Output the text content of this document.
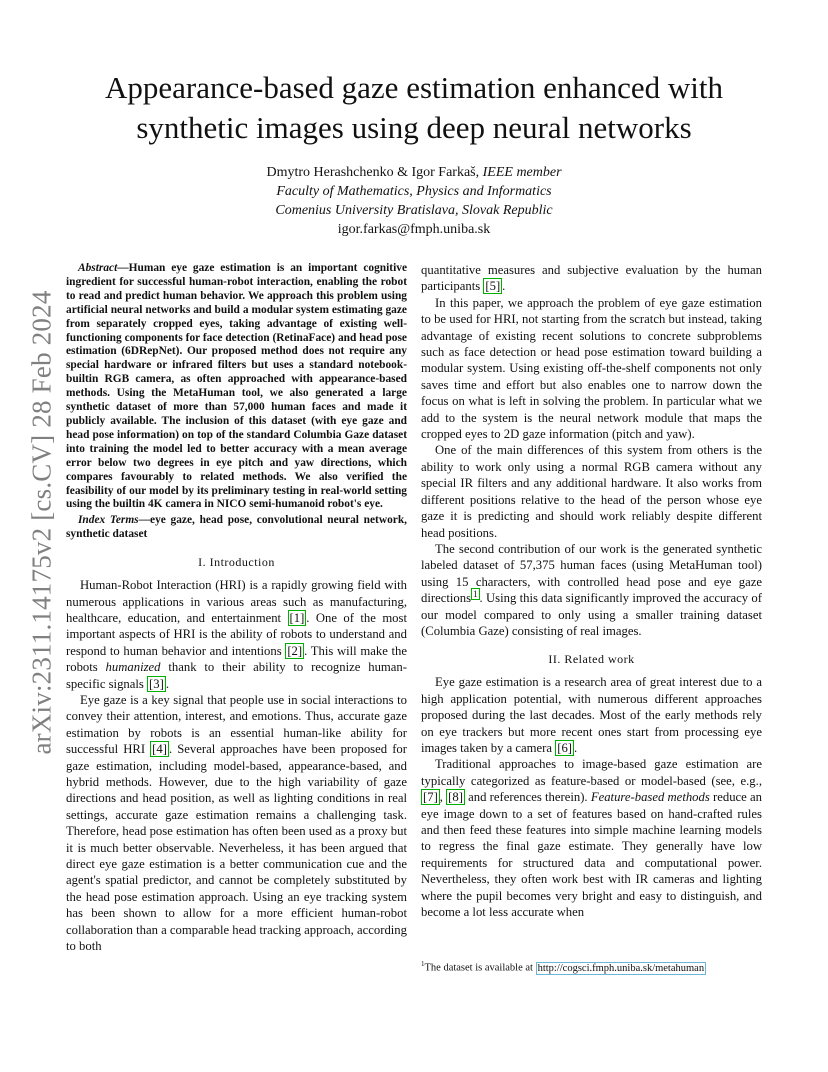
arXiv:2311.14175v2 [cs.CV] 28 Feb 2024
Appearance-based gaze estimation enhanced with synthetic images using deep neural networks
Dmytro Herashchenko & Igor Farkaš, IEEE member
Faculty of Mathematics, Physics and Informatics
Comenius University Bratislava, Slovak Republic
igor.farkas@fmph.uniba.sk

Abstract—Human eye gaze estimation is an important cognitive ingredient for successful human-robot interaction, enabling the robot to read and predict human behavior. We approach this problem using artificial neural networks and build a modular system estimating gaze from separately cropped eyes, taking advantage of existing well-functioning components for face detection (RetinaFace) and head pose estimation (6DRepNet). Our proposed method does not require any special hardware or infrared filters but uses a standard notebook-builtin RGB camera, as often approached with appearance-based methods. Using the MetaHuman tool, we also generated a large synthetic dataset of more than 57,000 human faces and made it publicly available. The inclusion of this dataset (with eye gaze and head pose information) on top of the standard Columbia Gaze dataset into training the model led to better accuracy with a mean average error below two degrees in eye pitch and yaw directions, which compares favourably to related methods. We also verified the feasibility of our model by its preliminary testing in real-world setting using the builtin 4K camera in NICO semi-humanoid robot's eye.

Index Terms—eye gaze, head pose, convolutional neural network, synthetic dataset

I. Introduction

Human-Robot Interaction (HRI) is a rapidly growing field with numerous applications in various areas such as manufacturing, healthcare, education, and entertainment [1] . One of the most important aspects of HRI is the ability of robots to understand and respond to human behavior and intentions [2] . This will make the robots humanized thank to their ability to recognize human-specific signals [3] .

Eye gaze is a key signal that people use in social interactions to convey their attention, interest, and emotions. Thus, accurate gaze estimation by robots is an essential human-like ability for successful HRI [4] . Several approaches have been proposed for gaze estimation, including model-based, appearance-based, and hybrid methods. However, due to the high variability of gaze directions and head position, as well as lighting conditions in real settings, accurate gaze estimation remains a challenging task. Therefore, head pose estimation has often been used as a proxy but it is much better observable. Neverheless, it has been argued that direct eye gaze estimation is a better communication cue and the agent's spatial predictor, and cannot be completely substituted by the head pose estimation approach. Using an eye tracking system has been shown to allow for a more efficient human-robot collaboration than a comparable head tracking approach, according to both

quantitative measures and subjective evaluation by the human participants [5] .

In this paper, we approach the problem of eye gaze estimation to be used for HRI, not starting from the scratch but instead, taking advantage of existing recent solutions to concrete subproblems such as face detection or head pose estimation toward building a modular system. Using existing off-the-shelf components not only saves time and effort but also enables one to narrow down the focus on what is left in solving the problem. In particular what we add to the system is the neural network module that maps the cropped eyes to 2D gaze information (pitch and yaw).

One of the main differences of this system from others is the ability to work only using a normal RGB camera without any special IR filters and any additional hardware. It also works from different positions relative to the head of the person whose eye gaze it is predicting and should work reliably despite different head positions.

The second contribution of our work is the generated synthetic labeled dataset of 57,375 human faces (using MetaHuman tool) using 15 characters, with controlled head pose and eye gaze directions $^1$ . Using this data significantly improved the accuracy of our model compared to only using a smaller training dataset (Columbia Gaze) consisting of real images.

II. Related work

Eye gaze estimation is a research area of great interest due to a high application potential, with numerous different approaches proposed during the last decades. Most of the early methods rely on eye trackers but more recent ones start from processing eye images taken by a camera [6] .

Traditional approaches to image-based gaze estimation are typically categorized as feature-based or model-based (see, e.g., [7] , [8] and references therein). Feature-based methods reduce an eye image down to a set of features based on hand-crafted rules and then feed these features into simple machine learning models to regress the final gaze estimate. They generally have low requirements for structured data and computational power. Nevertheless, they often work best with IR cameras and lighting where the pupil becomes very bright and easy to distinguish, and become a lot less accurate when

$^1$The dataset is available at http://cogsci.fmph.uniba.sk/metahuman
